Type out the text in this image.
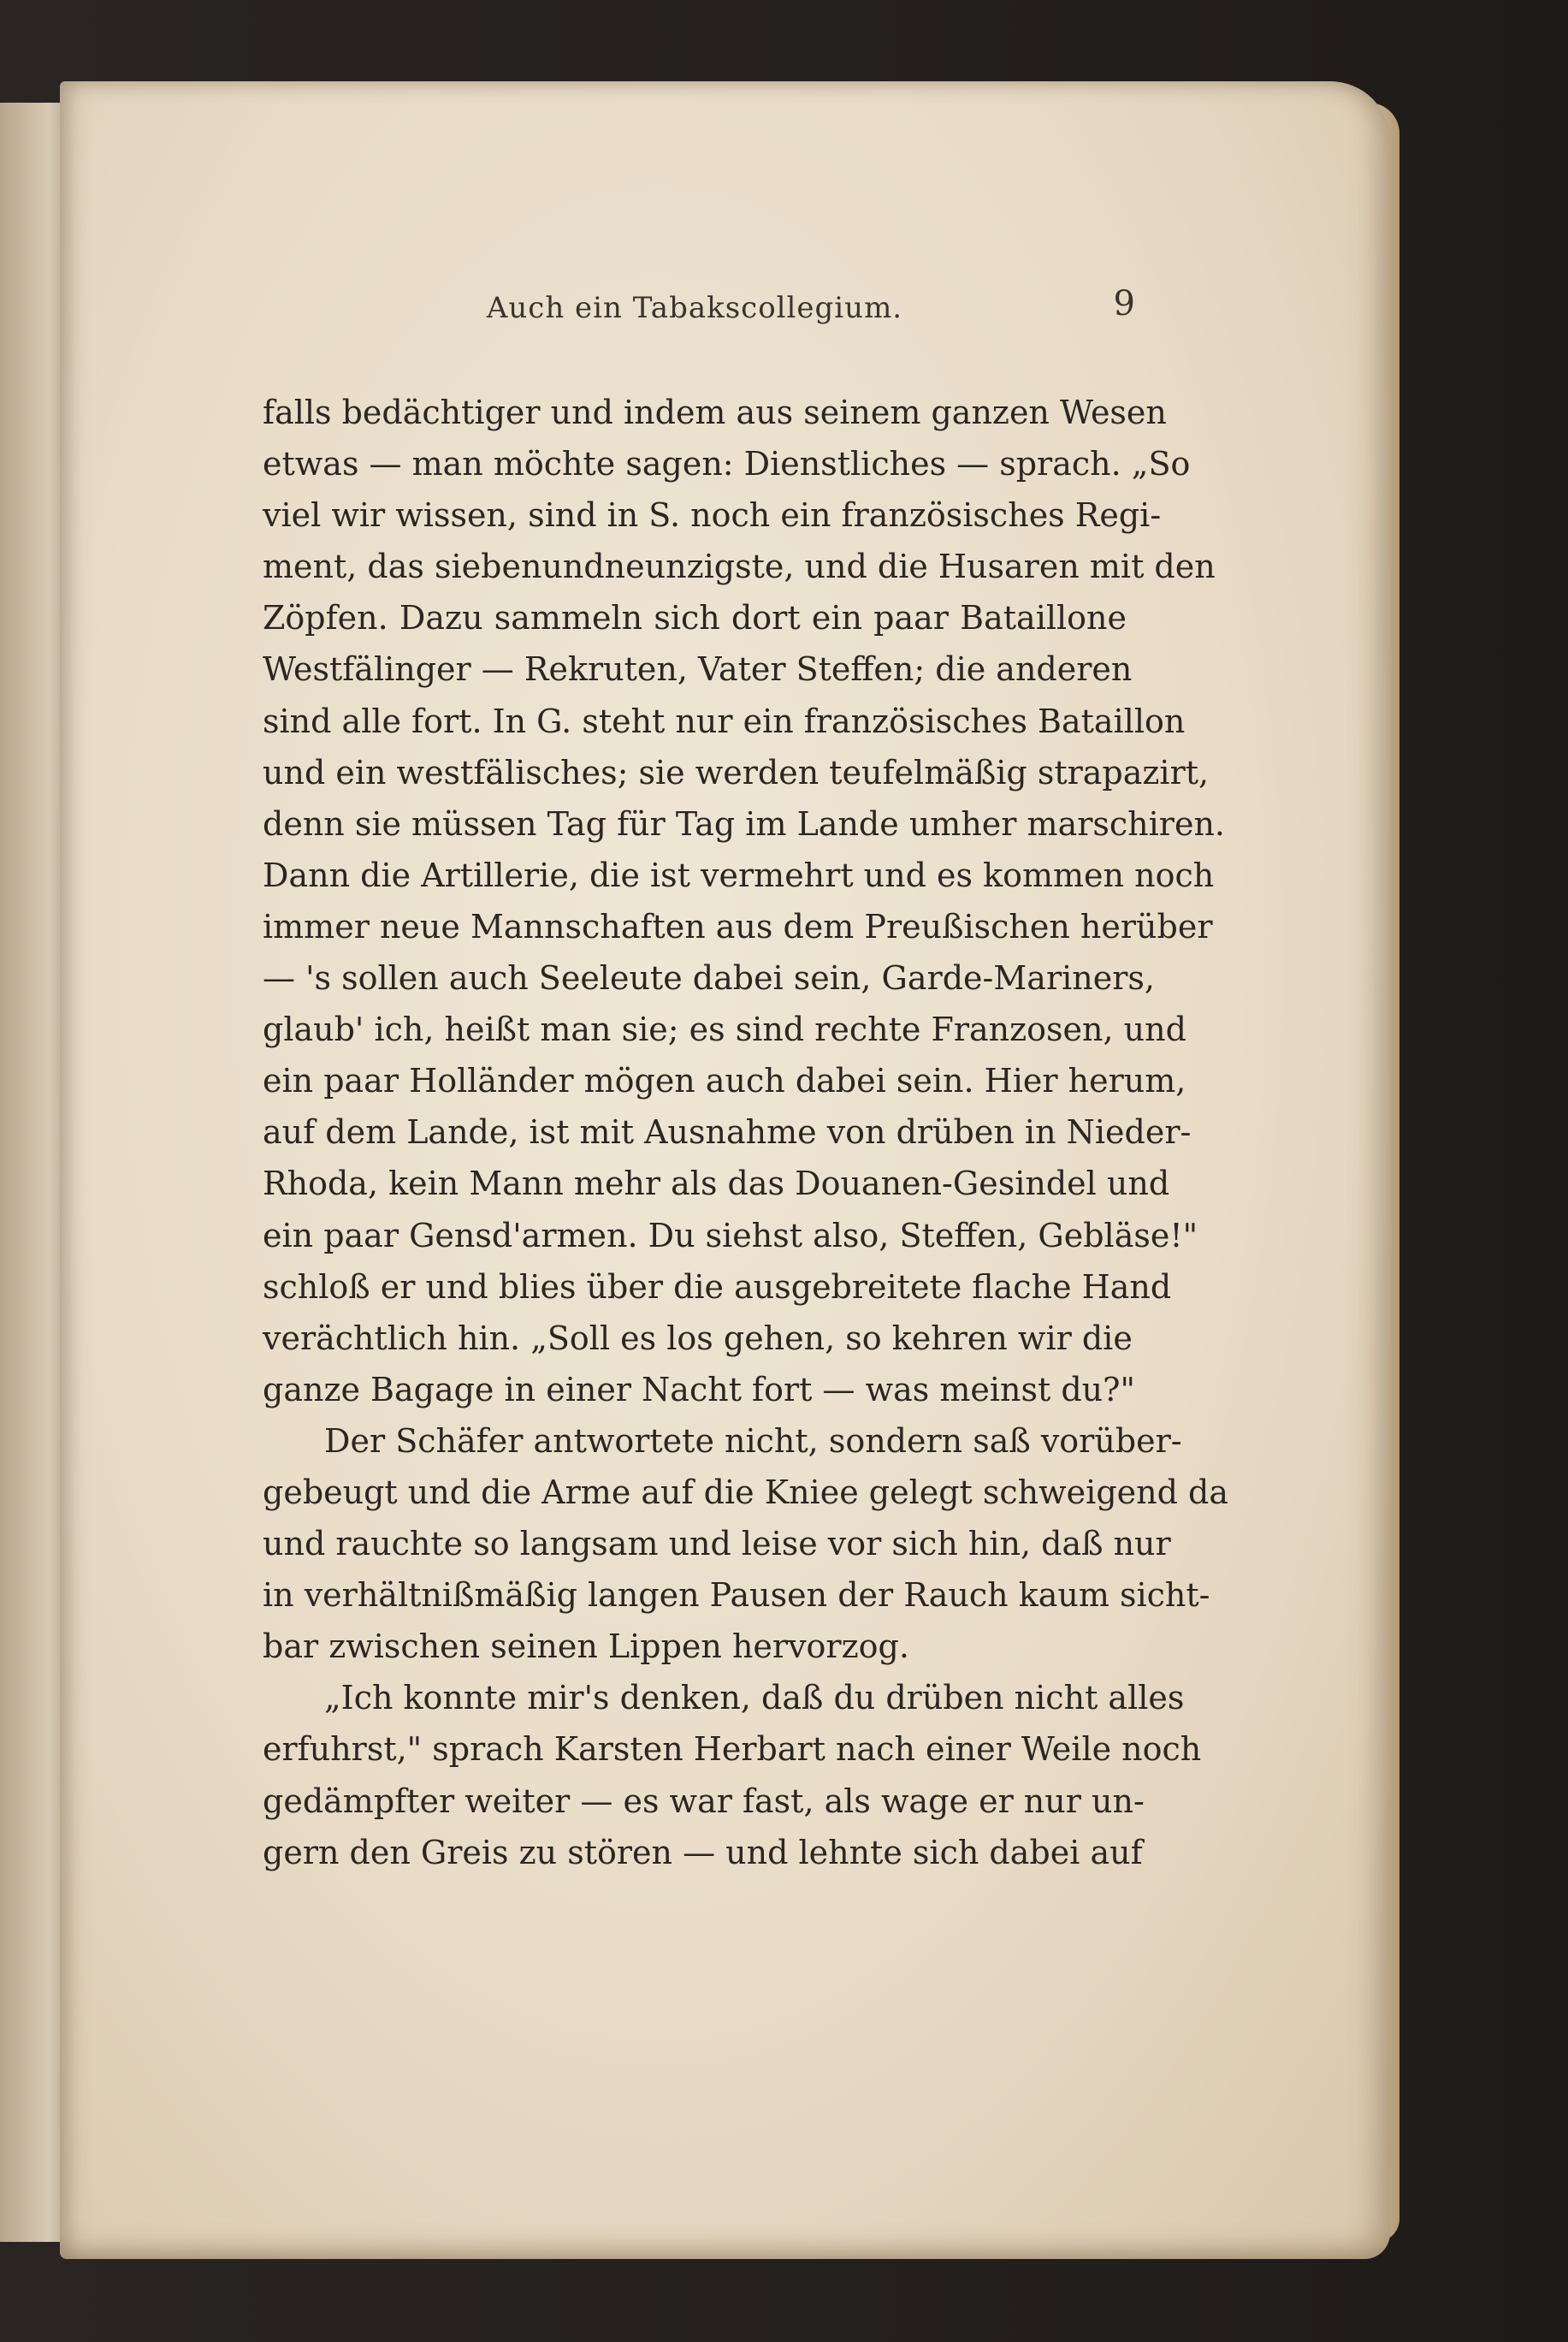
Auch ein Tabakscollegium.	9
falls bedächtiger und indem aus seinem ganzen Wesen
etwas — man möchte sagen: Dienstliches — sprach. „So
viel wir wissen, sind in S. noch ein französisches Regi-
ment, das siebenundneunzigste, und die Husaren mit den
Zöpfen. Dazu sammeln sich dort ein paar Bataillone
Westfälinger — Rekruten, Vater Steffen; die anderen
sind alle fort. In G. steht nur ein französisches Bataillon
und ein westfälisches; sie werden teufelmäßig strapazirt,
denn sie müssen Tag für Tag im Lande umher marschiren.
Dann die Artillerie, die ist vermehrt und es kommen noch
immer neue Mannschaften aus dem Preußischen herüber
— 's sollen auch Seeleute dabei sein, Garde-Mariners,
glaub' ich, heißt man sie; es sind rechte Franzosen, und
ein paar Holländer mögen auch dabei sein. Hier herum,
auf dem Lande, ist mit Ausnahme von drüben in Nieder-
Rhoda, kein Mann mehr als das Douanen-Gesindel und
ein paar Gensd'armen. Du siehst also, Steffen, Gebläse!"
schloß er und blies über die ausgebreitete flache Hand
verächtlich hin. „Soll es los gehen, so kehren wir die
ganze Bagage in einer Nacht fort — was meinst du?"
Der Schäfer antwortete nicht, sondern saß vorüber-
gebeugt und die Arme auf die Kniee gelegt schweigend da
und rauchte so langsam und leise vor sich hin, daß nur
in verhältnißmäßig langen Pausen der Rauch kaum sicht-
bar zwischen seinen Lippen hervorzog.
„Ich konnte mir's denken, daß du drüben nicht alles
erfuhrst," sprach Karsten Herbart nach einer Weile noch
gedämpfter weiter — es war fast, als wage er nur un-
gern den Greis zu stören — und lehnte sich dabei auf
